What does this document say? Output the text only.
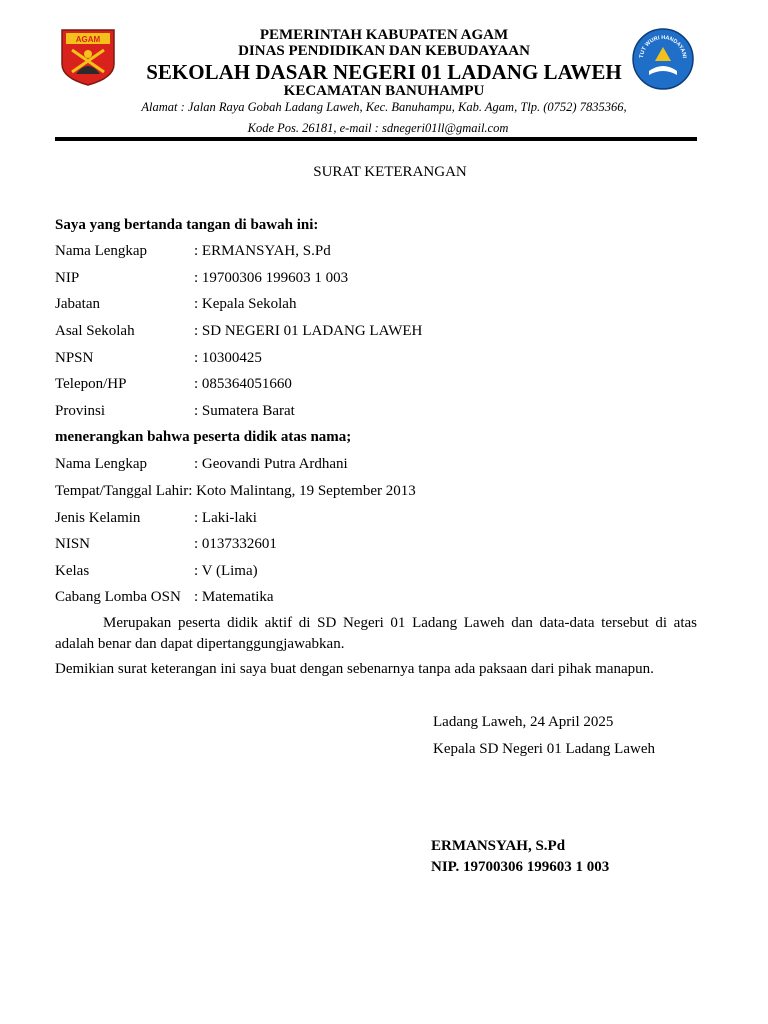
AGAM
TUT WURI HANDAYANI
PEMERINTAH KABUPATEN AGAM
DINAS PENDIDIKAN DAN KEBUDAYAAN
SEKOLAH DASAR NEGERI 01 LADANG LAWEH
KECAMATAN BANUHAMPU
Alamat : Jalan Raya Gobah Ladang Laweh, Kec. Banuhampu, Kab. Agam, Tlp. (0752) 7835366,
Kode Pos. 26181, e-mail : sdnegeri01ll@gmail.com
SURAT KETERANGAN
Saya yang bertanda tangan di bawah ini:
Nama Lengkap	: ERMANSYAH, S.Pd
NIP	: 19700306 199603 1 003
Jabatan	: Kepala Sekolah
Asal Sekolah	: SD NEGERI 01 LADANG LAWEH
NPSN	: 10300425
Telepon/HP	: 085364051660
Provinsi	: Sumatera Barat
menerangkan bahwa peserta didik atas nama;
Nama Lengkap	: Geovandi Putra Ardhani
Tempat/Tanggal Lahir: Koto Malintang, 19 September 2013
Jenis Kelamin	: Laki-laki
NISN	: 0137332601
Kelas	: V (Lima)
Cabang Lomba OSN : Matematika
Merupakan peserta didik aktif di SD Negeri 01 Ladang Laweh dan data-data tersebut di atas adalah benar dan dapat dipertanggungjawabkan.
Demikian surat keterangan ini saya buat dengan sebenarnya tanpa ada paksaan dari pihak manapun.
Ladang Laweh, 24 April 2025
Kepala SD Negeri 01 Ladang Laweh
ERMANSYAH, S.Pd
NIP. 19700306 199603 1 003
